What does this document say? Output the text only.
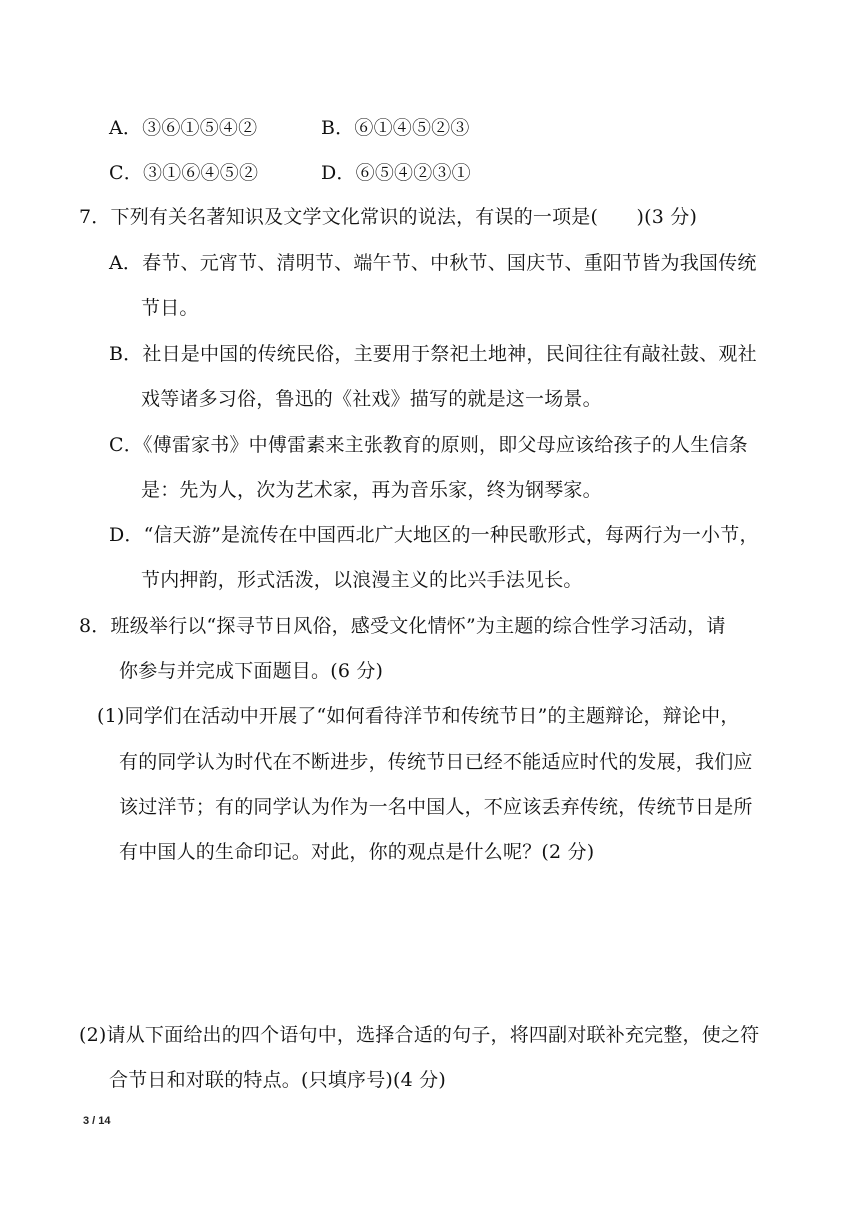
A．③⑥①⑤④②	B．⑥①④⑤②③
C．③①⑥④⑤②	D．⑥⑤④②③①
7．下列有关名著知识及文学文化常识的说法，有误的一项是(　　)(3 分)
A．春节、元宵节、清明节、端午节、中秋节、国庆节、重阳节皆为我国传统
节日。
B．社日是中国的传统民俗，主要用于祭祀土地神，民间往往有敲社鼓、观社
戏等诸多习俗，鲁迅的《社戏》描写的就是这一场景。
C．《傅雷家书》中傅雷素来主张教育的原则，即父母应该给孩子的人生信条
是：先为人，次为艺术家，再为音乐家，终为钢琴家。
D．“信天游”是流传在中国西北广大地区的一种民歌形式，每两行为一小节，
节内押韵，形式活泼，以浪漫主义的比兴手法见长。
8．班级举行以“探寻节日风俗，感受文化情怀”为主题的综合性学习活动，请
你参与并完成下面题目。(6 分)
(1)同学们在活动中开展了“如何看待洋节和传统节日”的主题辩论，辩论中，
有的同学认为时代在不断进步，传统节日已经不能适应时代的发展，我们应
该过洋节；有的同学认为作为一名中国人，不应该丢弃传统，传统节日是所
有中国人的生命印记。对此，你的观点是什么呢？(2 分)
(2)请从下面给出的四个语句中，选择合适的句子，将四副对联补充完整，使之符
合节日和对联的特点。(只填序号)(4 分)
3 / 14
